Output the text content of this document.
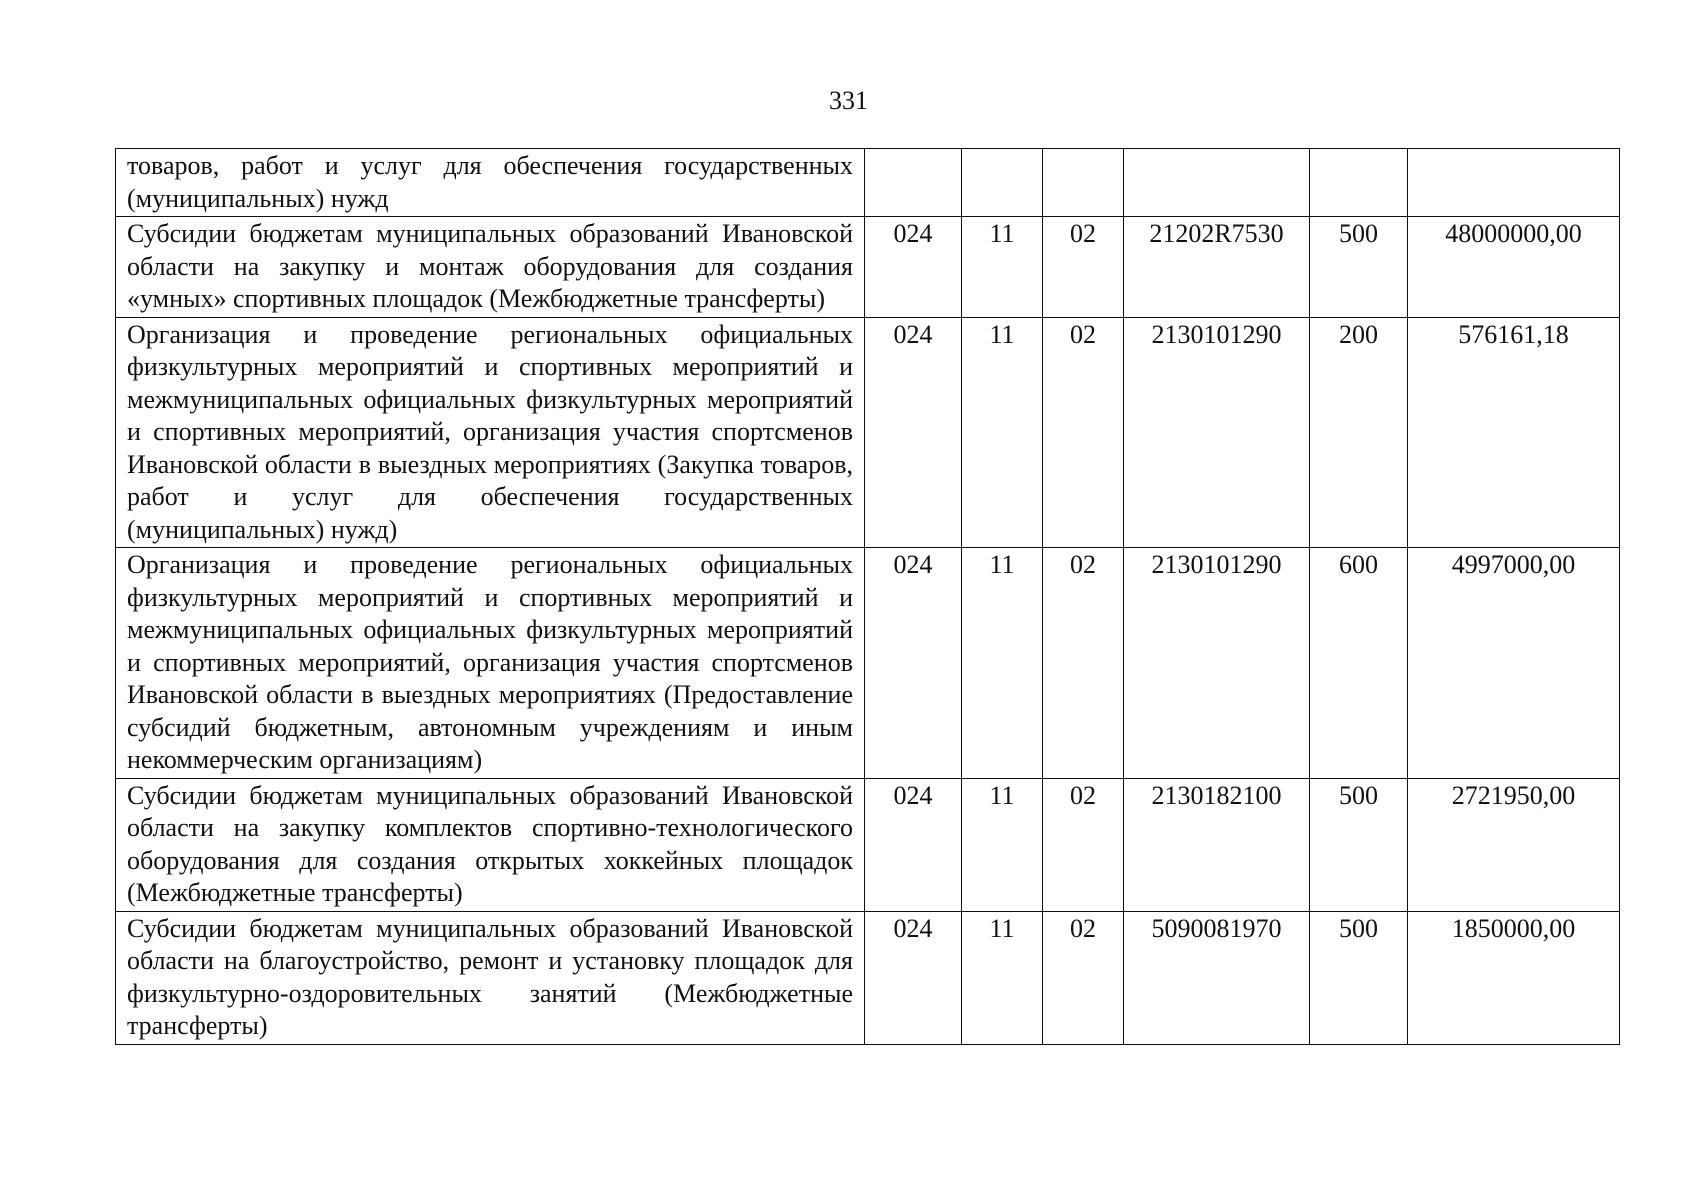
331
товаров, работ и услуг для обеспечения государственных (муниципальных) нужд						
Субсидии бюджетам муниципальных образований Ивановской области на закупку и монтаж оборудования для создания «умных» спортивных площадок (Межбюджетные трансферты)	024	11	02	21202R7530	500	48000000,00
Организация и проведение региональных официальных физкультурных мероприятий и спортивных мероприятий и межмуниципальных официальных физкультурных мероприятий и спортивных мероприятий, организация участия спортсменов Ивановской области в выездных мероприятиях (Закупка товаров, работ и услуг для обеспечения государственных (муниципальных) нужд)	024	11	02	2130101290	200	576161,18
Организация и проведение региональных официальных физкультурных мероприятий и спортивных мероприятий и межмуниципальных официальных физкультурных мероприятий и спортивных мероприятий, организация участия спортсменов Ивановской области в выездных мероприятиях (Предоставление субсидий бюджетным, автономным учреждениям и иным некоммерческим организациям)	024	11	02	2130101290	600	4997000,00
Субсидии бюджетам муниципальных образований Ивановской области на закупку комплектов спортивно-технологического оборудования для создания открытых хоккейных площадок (Межбюджетные трансферты)	024	11	02	2130182100	500	2721950,00
Субсидии бюджетам муниципальных образований Ивановской области на благоустройство, ремонт и установку площадок для физкультурно-оздоровительных занятий (Межбюджетные трансферты)	024	11	02	5090081970	500	1850000,00
